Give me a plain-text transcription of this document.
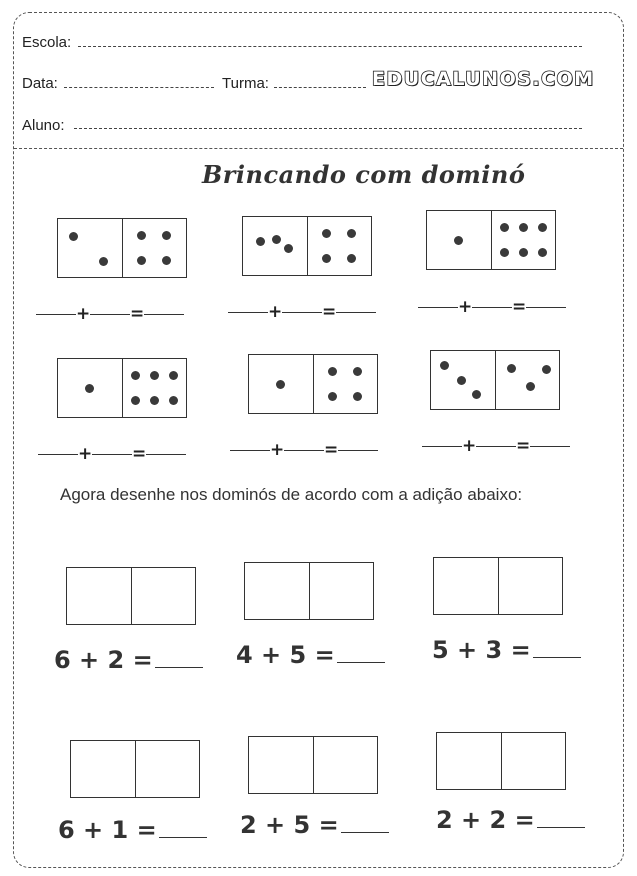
Escola:
Data:	Turma:	EDUCALUNOS.COM
Aluno:
Brincando com dominó
+ =	+ =	+ =
+ =	+ =	+ =
Agora desenhe nos dominós de acordo com a adição abaixo:
6 + 2 =	4 + 5 =	5 + 3 =
6 + 1 =	2 + 5 =	2 + 2 =
